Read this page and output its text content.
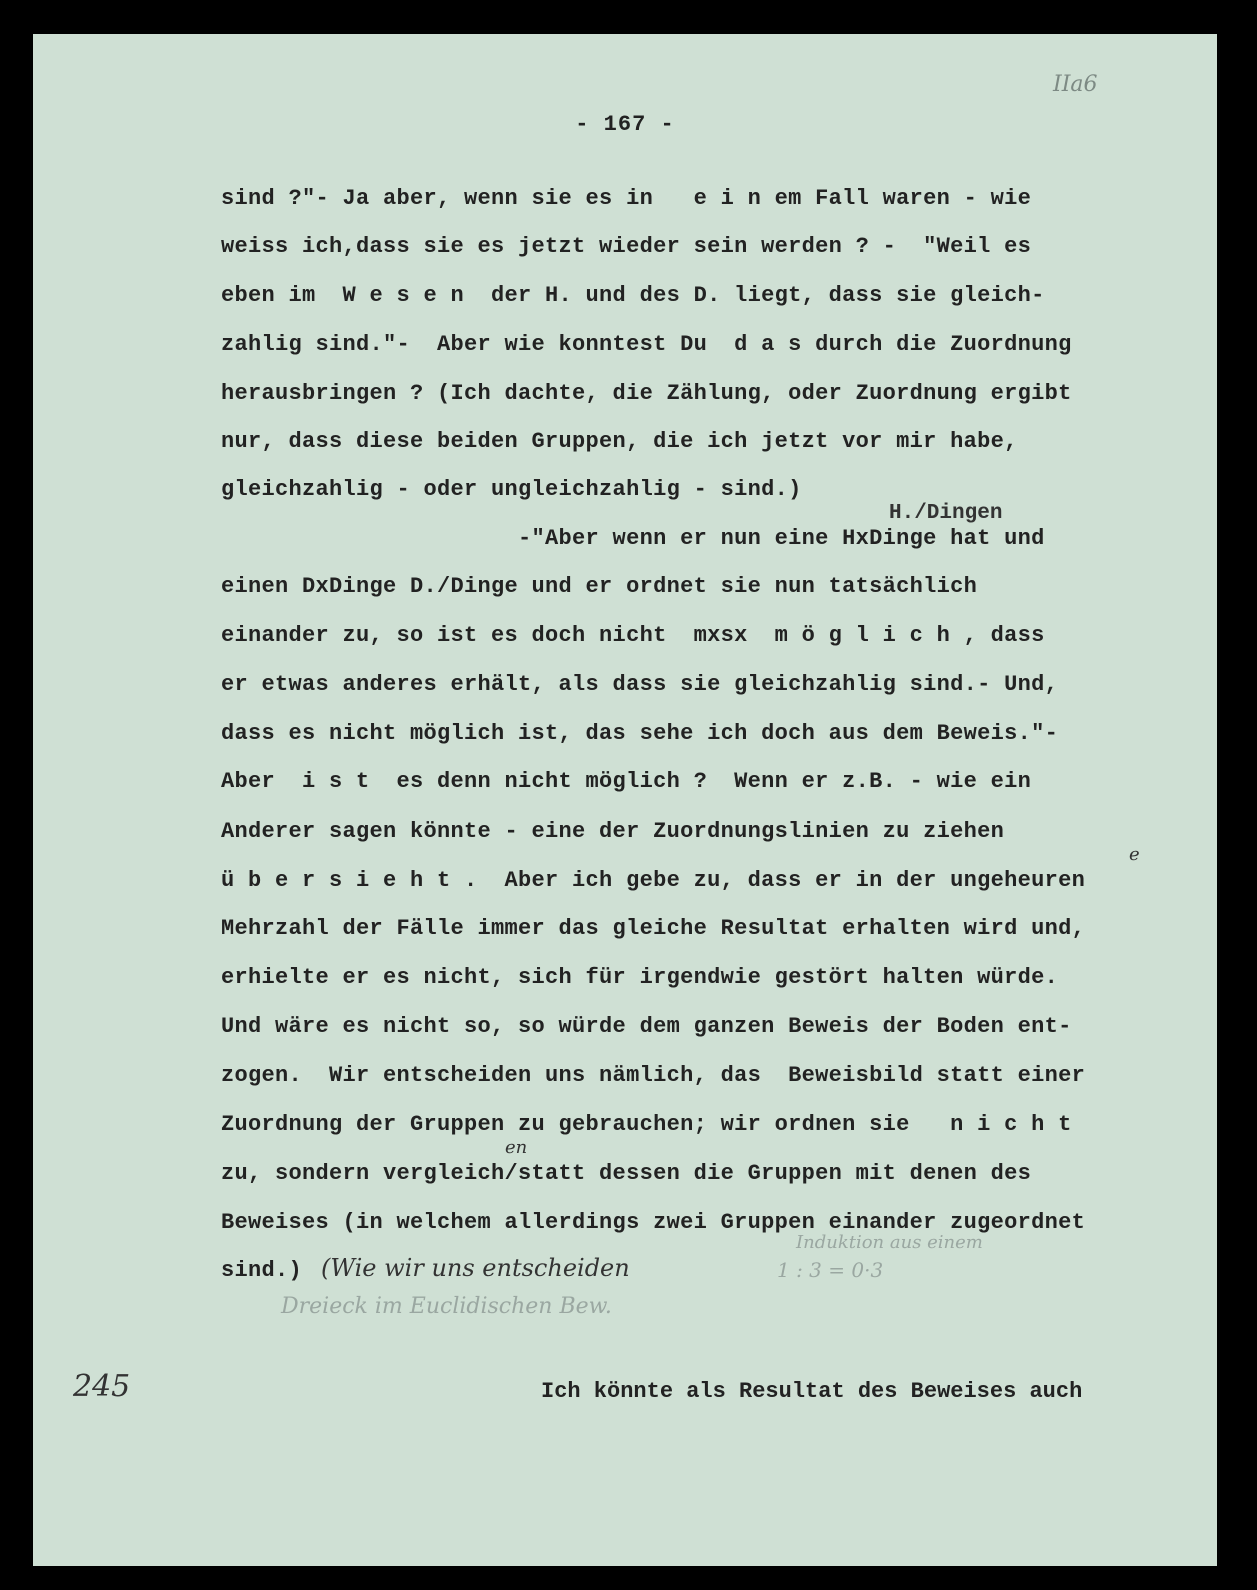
IIa6
- 167 -
sind ?"- Ja aber, wenn sie es in   e i n em Fall waren - wie
weiss ich,dass sie es jetzt wieder sein werden ? -  "Weil es
eben im  W e s e n  der H. und des D. liegt, dass sie gleich-
zahlig sind."-  Aber wie konntest Du  d a s durch die Zuordnung
herausbringen ? (Ich dachte, die Zählung, oder Zuordnung ergibt
nur, dass diese beiden Gruppen, die ich jetzt vor mir habe,
gleichzahlig - oder ungleichzahlig - sind.)
H./Dingen
-"Aber wenn er nun eine HxDinge hat und
einen DxDinge D./Dinge und er ordnet sie nun tatsächlich
einander zu, so ist es doch nicht  mxsx  m ö g l i c h , dass
er etwas anderes erhält, als dass sie gleichzahlig sind.- Und,
dass es nicht möglich ist, das sehe ich doch aus dem Beweis."-
Aber  i s t  es denn nicht möglich ?  Wenn er z.B. - wie ein
Anderer sagen könnte - eine der Zuordnungslinien zu ziehen
e
ü b e r s i e h t .  Aber ich gebe zu, dass er in der ungeheuren
Mehrzahl der Fälle immer das gleiche Resultat erhalten wird und,
erhielte er es nicht, sich für irgendwie gestört halten würde.
Und wäre es nicht so, so würde dem ganzen Beweis der Boden ent-
zogen.  Wir entscheiden uns nämlich, das  Beweisbild statt einer
Zuordnung der Gruppen zu gebrauchen; wir ordnen sie   n i c h t
en
zu, sondern vergleich/statt dessen die Gruppen mit denen des
Beweises (in welchem allerdings zwei Gruppen einander zugeordnet
sind.) (Wie wir uns entscheiden	1 : 3 = 0·3
Induktion aus einem
Dreieck im Euclidischen Bew.
245	Ich könnte als Resultat des Beweises auch
